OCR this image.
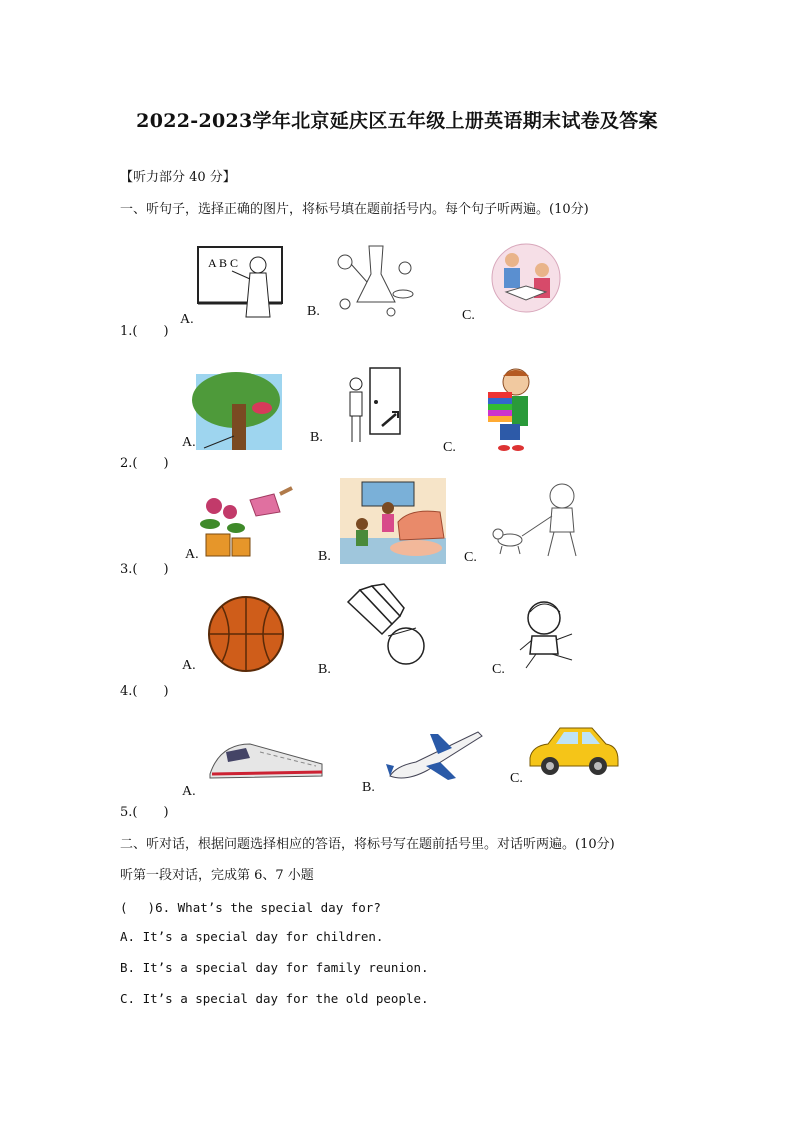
2022-2023学年北京延庆区五年级上册英语期末试卷及答案
【听力部分 40 分】
一、听句子，选择正确的图片，将标号填在题前括号内。每个句子听两遍。(10分)
1.(　　)
A.
A B C
B.	C.
2.(　　)
A.	B.
C.
3.(　　)
A.	B.	C.
4.(　　)
A.	B.	C.
5.(　　)
A.	B.
C.
二、听对话，根据问题选择相应的答语，将标号写在题前括号里。对话听两遍。(10分)
听第一段对话，完成第 6、7 小题
(　 )6. What’s the special day for?
A. It’s a special day for children.
B. It’s a special day for family reunion.
C. It’s a special day for the old people.
